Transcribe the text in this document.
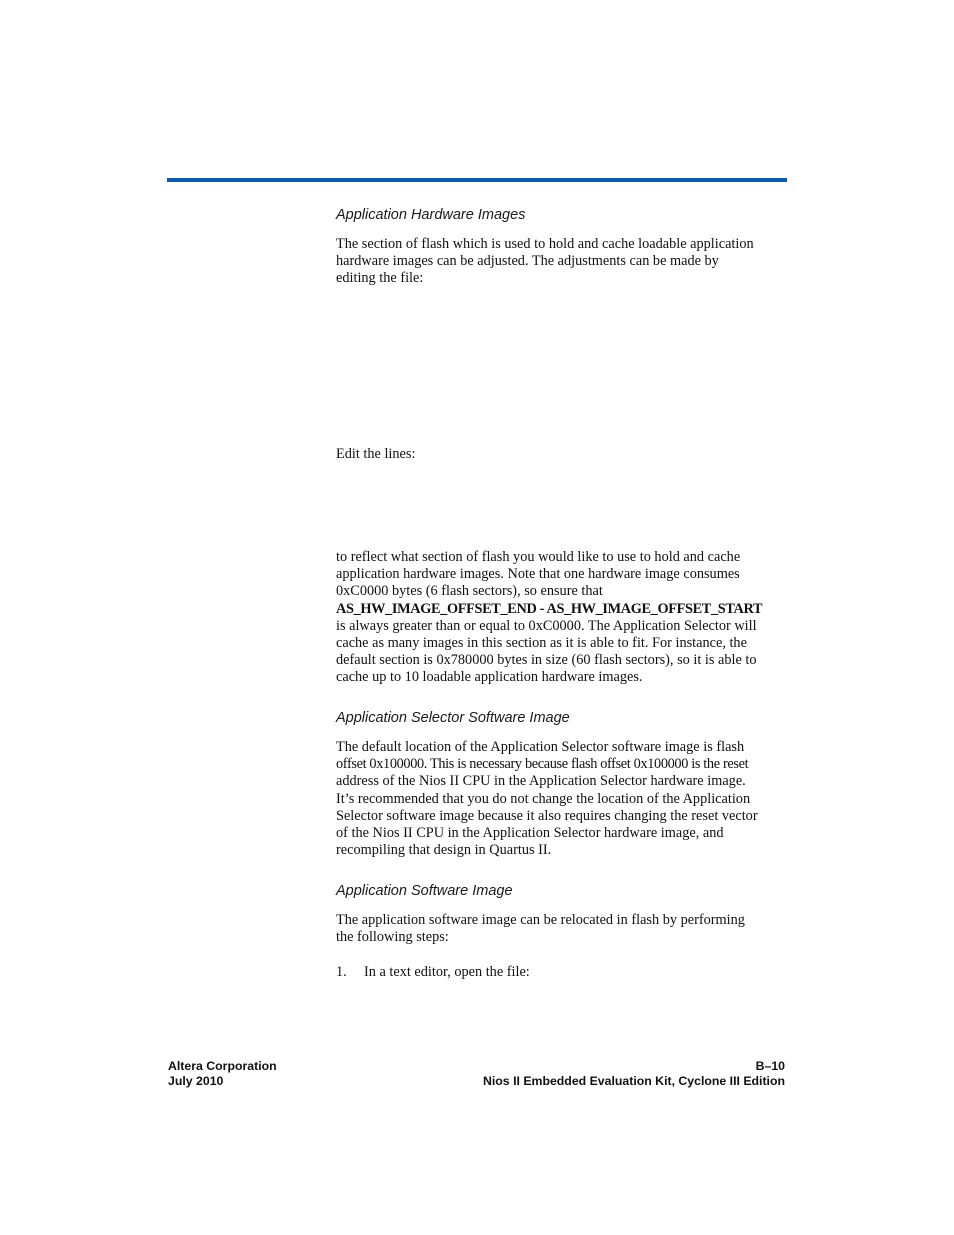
Application Hardware Images

The section of flash which is used to hold and cache loadable application
hardware images can be adjusted. The adjustments can be made by
editing the file:

Edit the lines:

to reflect what section of flash you would like to use to hold and cache
application hardware images. Note that one hardware image consumes
0xC0000 bytes (6 flash sectors), so ensure that
AS_HW_IMAGE_OFFSET_END - AS_HW_IMAGE_OFFSET_START
is always greater than or equal to 0xC0000. The Application Selector will
cache as many images in this section as it is able to fit. For instance, the
default section is 0x780000 bytes in size (60 flash sectors), so it is able to
cache up to 10 loadable application hardware images.

Application Selector Software Image

The default location of the Application Selector software image is flash
offset 0x100000. This is necessary because flash offset 0x100000 is the reset
address of the Nios II CPU in the Application Selector hardware image.
It’s recommended that you do not change the location of the Application
Selector software image because it also requires changing the reset vector
of the Nios II CPU in the Application Selector hardware image, and
recompiling that design in Quartus II.

Application Software Image

The application software image can be relocated in flash by performing
the following steps:

1. In a text editor, open the file:
Altera Corporation
July 2010
B–10
Nios II Embedded Evaluation Kit, Cyclone III Edition
